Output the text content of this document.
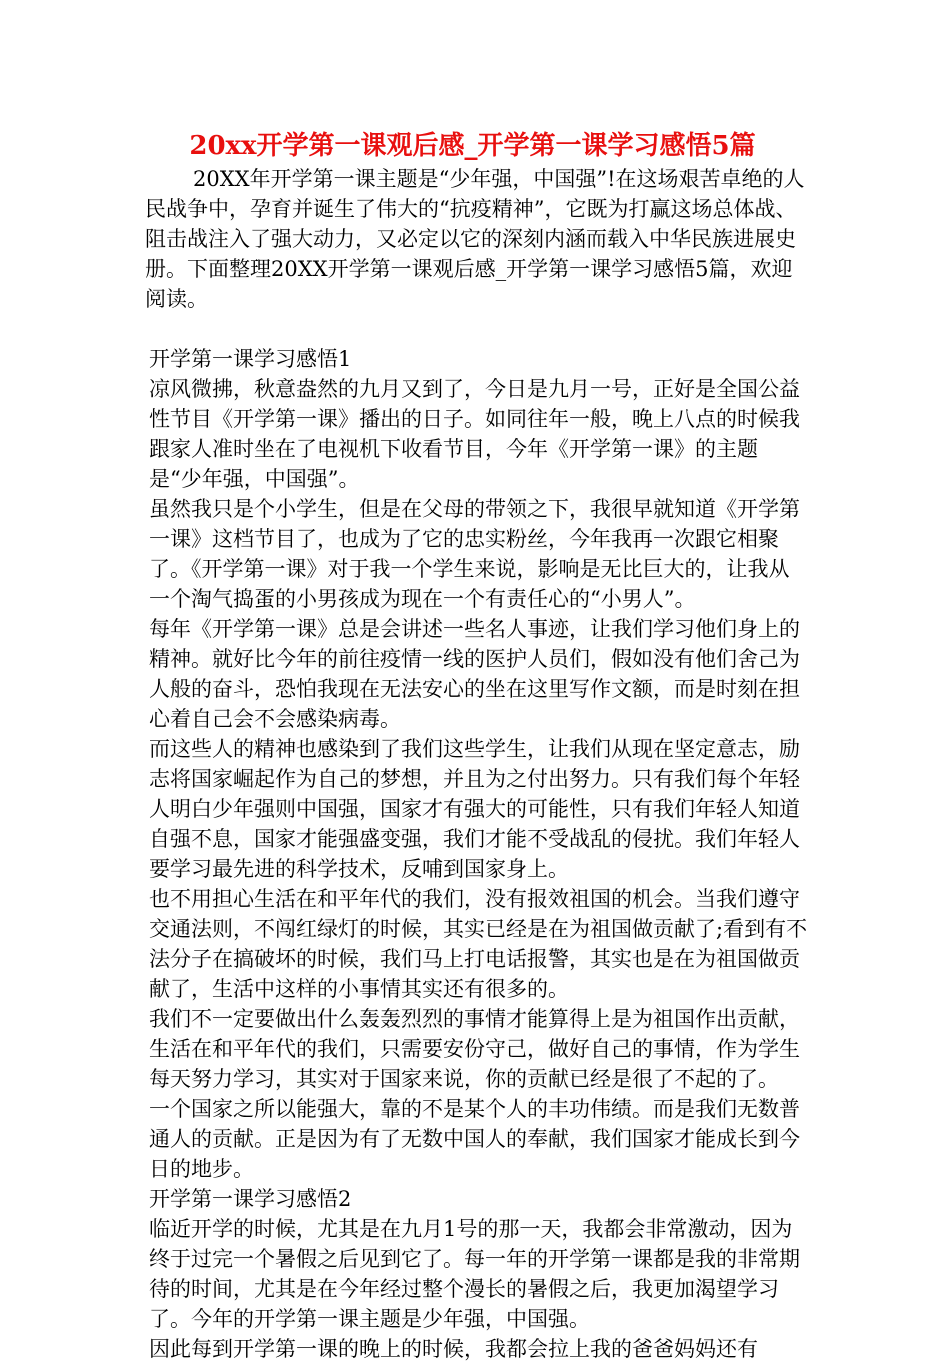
20xx开学第一课观后感_开学第一课学习感悟5篇

20XX年开学第一课主题是“少年强，中国强”!在这场艰苦卓绝的人民战争中，孕育并诞生了伟大的“抗疫精神”，它既为打赢这场总体战、阻击战注入了强大动力，又必定以它的深刻内涵而载入中华民族进展史册。下面整理20XX开学第一课观后感_开学第一课学习感悟5篇，欢迎阅读。

开学第一课学习感悟1

凉风微拂，秋意盎然的九月又到了，今日是九月一号，正好是全国公益性节目《开学第一课》播出的日子。如同往年一般，晚上八点的时候我跟家人准时坐在了电视机下收看节目，今年《开学第一课》的主题是“少年强，中国强”。

虽然我只是个小学生，但是在父母的带领之下，我很早就知道《开学第一课》这档节目了，也成为了它的忠实粉丝，今年我再一次跟它相聚了。《开学第一课》对于我一个学生来说，影响是无比巨大的，让我从一个淘气捣蛋的小男孩成为现在一个有责任心的“小男人”。

每年《开学第一课》总是会讲述一些名人事迹，让我们学习他们身上的精神。就好比今年的前往疫情一线的医护人员们，假如没有他们舍己为人般的奋斗，恐怕我现在无法安心的坐在这里写作文额，而是时刻在担心着自己会不会感染病毒。

而这些人的精神也感染到了我们这些学生，让我们从现在坚定意志，励志将国家崛起作为自己的梦想，并且为之付出努力。只有我们每个年轻人明白少年强则中国强，国家才有强大的可能性，只有我们年轻人知道自强不息，国家才能强盛变强，我们才能不受战乱的侵扰。我们年轻人要学习最先进的科学技术，反哺到国家身上。

也不用担心生活在和平年代的我们，没有报效祖国的机会。当我们遵守交通法则，不闯红绿灯的时候，其实已经是在为祖国做贡献了;看到有不法分子在搞破坏的时候，我们马上打电话报警，其实也是在为祖国做贡献了，生活中这样的小事情其实还有很多的。

我们不一定要做出什么轰轰烈烈的事情才能算得上是为祖国作出贡献，生活在和平年代的我们，只需要安份守己，做好自己的事情，作为学生每天努力学习，其实对于国家来说，你的贡献已经是很了不起的了。

一个国家之所以能强大，靠的不是某个人的丰功伟绩。而是我们无数普通人的贡献。正是因为有了无数中国人的奉献，我们国家才能成长到今日的地步。

开学第一课学习感悟2

临近开学的时候，尤其是在九月1号的那一天，我都会非常激动，因为终于过完一个暑假之后见到它了。每一年的开学第一课都是我的非常期待的时间，尤其是在今年经过整个漫长的暑假之后，我更加渴望学习了。今年的开学第一课主题是少年强，中国强。

因此每到开学第一课的晚上的时候，我都会拉上我的爸爸妈妈还有
